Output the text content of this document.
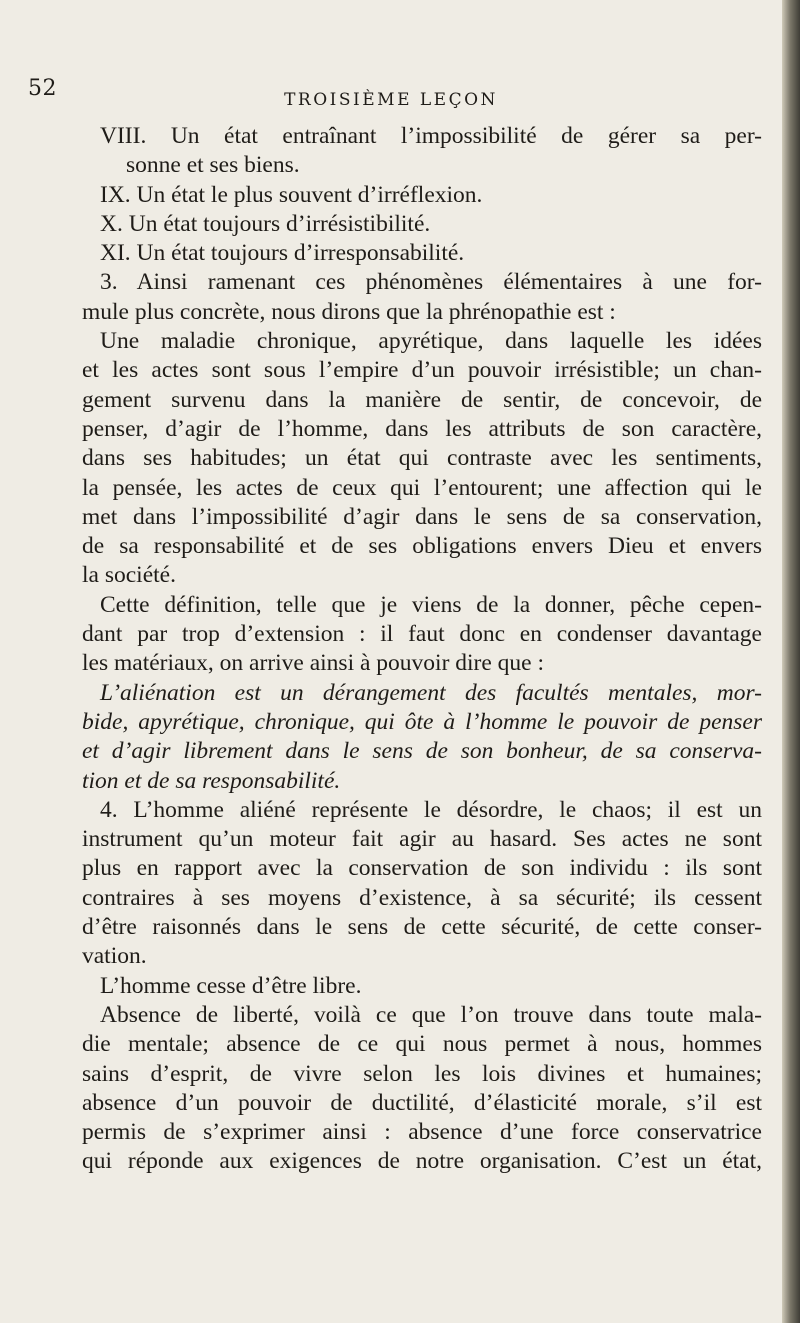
52	TROISIÈME LEÇON
VIII. Un état entraînant l’impossibilité de gérer sa per-
sonne et ses biens.
IX. Un état le plus souvent d’irréflexion.
X. Un état toujours d’irrésistibilité.
XI. Un état toujours d’irresponsabilité.
3. Ainsi ramenant ces phénomènes élémentaires à une for-
mule plus concrète, nous dirons que la phrénopathie est :
Une maladie chronique, apyrétique, dans laquelle les idées
et les actes sont sous l’empire d’un pouvoir irrésistible; un chan-
gement survenu dans la manière de sentir, de concevoir, de
penser, d’agir de l’homme, dans les attributs de son caractère,
dans ses habitudes; un état qui contraste avec les sentiments,
la pensée, les actes de ceux qui l’entourent; une affection qui le
met dans l’impossibilité d’agir dans le sens de sa conservation,
de sa responsabilité et de ses obligations envers Dieu et envers
la société.
Cette définition, telle que je viens de la donner, pêche cepen-
dant par trop d’extension : il faut donc en condenser davantage
les matériaux, on arrive ainsi à pouvoir dire que :
L’aliénation est un dérangement des facultés mentales, mor-
bide, apyrétique, chronique, qui ôte à l’homme le pouvoir de penser
et d’agir librement dans le sens de son bonheur, de sa conserva-
tion et de sa responsabilité.
4. L’homme aliéné représente le désordre, le chaos; il est un
instrument qu’un moteur fait agir au hasard. Ses actes ne sont
plus en rapport avec la conservation de son individu : ils sont
contraires à ses moyens d’existence, à sa sécurité; ils cessent
d’être raisonnés dans le sens de cette sécurité, de cette conser-
vation.
L’homme cesse d’être libre.
Absence de liberté, voilà ce que l’on trouve dans toute mala-
die mentale; absence de ce qui nous permet à nous, hommes
sains d’esprit, de vivre selon les lois divines et humaines;
absence d’un pouvoir de ductilité, d’élasticité morale, s’il est
permis de s’exprimer ainsi : absence d’une force conservatrice
qui réponde aux exigences de notre organisation. C’est un état,
